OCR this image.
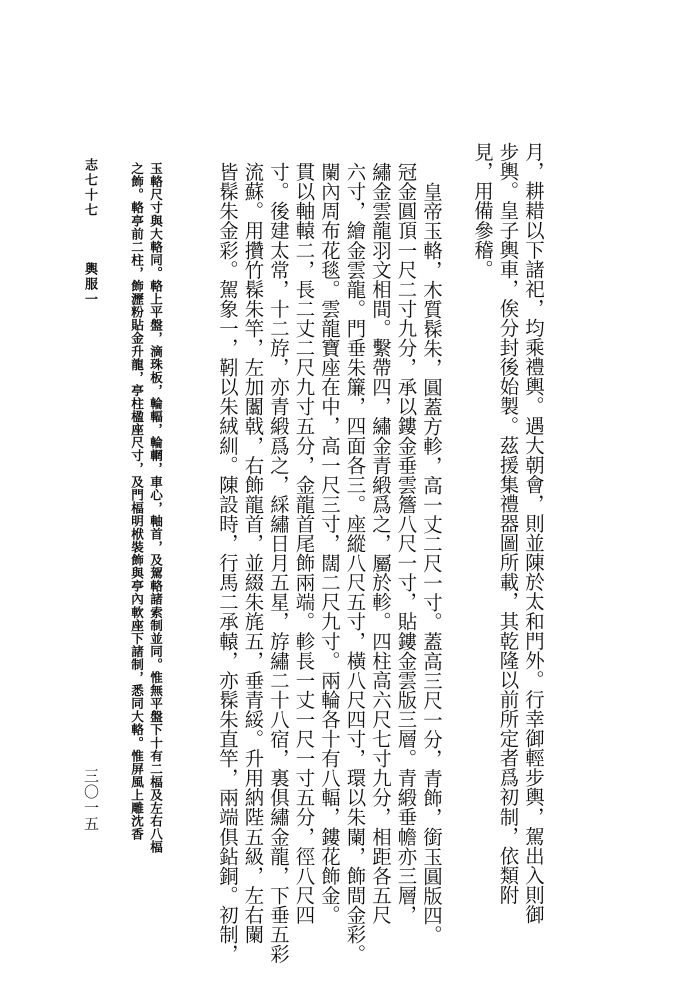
月，耕耤以下諸祀，均乘禮輿。遇大朝會，則並陳於太和門外。行幸御輕步輿，駕出入則御
步輿。皇子輿車，俟分封後始製。茲援集禮器圖所載，其乾隆以前所定者爲初制，依類附
見，用備參稽。
皇帝玉輅，木質髹朱，圓蓋方軫，高一丈二尺一寸。蓋高三尺一分，青飾，銜玉圓版四。
冠金圓頂一尺二寸九分，承以鏤金垂雲簷八尺一寸，貼鏤金雲版三層。青緞垂幨亦三層，
繡金雲龍羽文相間。繫帶四，繡金青緞爲之，屬於軫。四柱高六尺七寸九分，相距各五尺
六寸，繪金雲龍。門垂朱簾，四面各三。座縱八尺五寸，橫八尺四寸，環以朱闌，飾間金彩。
闌內周布花毯。雲龍寶座在中，高一尺三寸，闊二尺九寸。兩輪各十有八輻，鏤花飾金。
貫以軸轅二，長二丈二尺九寸五分，金龍首尾飾兩端。軫長一丈一尺一寸五分，徑八尺四
寸。後建太常，十二斿，亦青緞爲之，綵繡日月五星，斿繡二十八宿，裏俱繡金龍，下垂五彩
流蘇。用攢竹髹朱竿，左加闟戟，右飾龍首，並綴朱旄五，垂青綏。升用納陛五級，左右闌
皆髹朱金彩。駕象一，靷以朱絨紃。陳設時，行馬二承轅，亦髹朱直竿，兩端俱鉆銅。初制，
玉輅尺寸與大輅同。輅上平盤，滴珠板，輪輻，輪輞，車心，軸首，及駕輅諸索制並同。惟無平盤下十有二楅及左右八楅
之飾。輅亭前二柱，飾瀝粉貼金升龍，亭柱楹座尺寸，及門楅明栿裝飾與亭內軟座下諸制，悉同大輅。惟屏風上雕沈香
志七十七
輿服一
三〇一五
